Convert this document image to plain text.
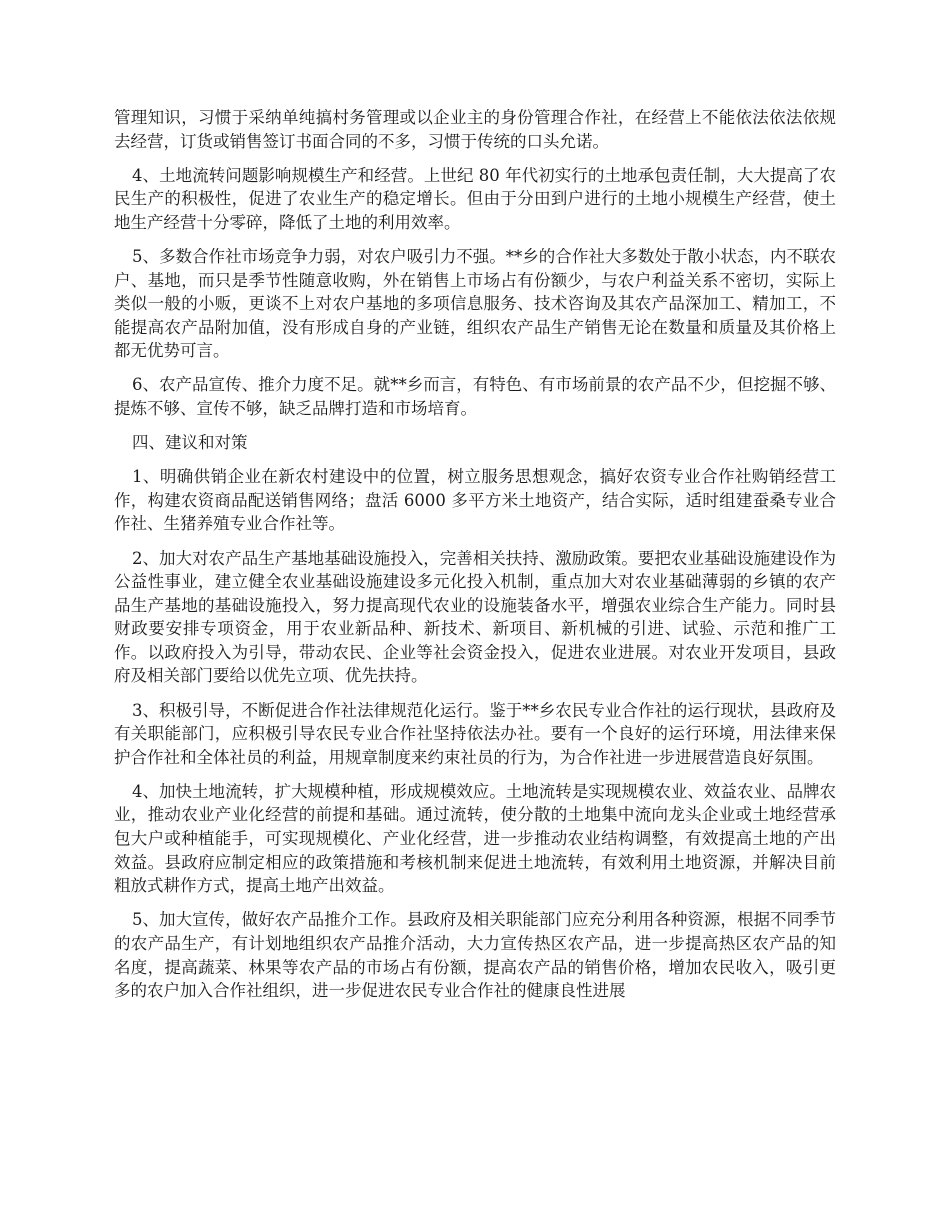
管理知识，习惯于采纳单纯搞村务管理或以企业主的身份管理合作社，在经营上不能依法依法依规去经营，订货或销售签订书面合同的不多，习惯于传统的口头允诺。

4、土地流转问题影响规模生产和经营。上世纪 80 年代初实行的土地承包责任制，大大提高了农民生产的积极性，促进了农业生产的稳定增长。但由于分田到户进行的土地小规模生产经营，使土地生产经营十分零碎，降低了土地的利用效率。

5、多数合作社市场竞争力弱，对农户吸引力不强。**乡的合作社大多数处于散小状态，内不联农户、基地，而只是季节性随意收购，外在销售上市场占有份额少，与农户利益关系不密切，实际上类似一般的小贩，更谈不上对农户基地的多项信息服务、技术咨询及其农产品深加工、精加工，不能提高农产品附加值，没有形成自身的产业链，组织农产品生产销售无论在数量和质量及其价格上都无优势可言。

6、农产品宣传、推介力度不足。就**乡而言，有特色、有市场前景的农产品不少，但挖掘不够、提炼不够、宣传不够，缺乏品牌打造和市场培育。

四、建议和对策

1、明确供销企业在新农村建设中的位置，树立服务思想观念，搞好农资专业合作社购销经营工作，构建农资商品配送销售网络；盘活 6000 多平方米土地资产，结合实际，适时组建蚕桑专业合作社、生猪养殖专业合作社等。

2、加大对农产品生产基地基础设施投入，完善相关扶持、激励政策。要把农业基础设施建设作为公益性事业，建立健全农业基础设施建设多元化投入机制，重点加大对农业基础薄弱的乡镇的农产品生产基地的基础设施投入，努力提高现代农业的设施装备水平，增强农业综合生产能力。同时县财政要安排专项资金，用于农业新品种、新技术、新项目、新机械的引进、试验、示范和推广工作。以政府投入为引导，带动农民、企业等社会资金投入，促进农业进展。对农业开发项目，县政府及相关部门要给以优先立项、优先扶持。

3、积极引导，不断促进合作社法律规范化运行。鉴于**乡农民专业合作社的运行现状，县政府及有关职能部门，应积极引导农民专业合作社坚持依法办社。要有一个良好的运行环境，用法律来保护合作社和全体社员的利益，用规章制度来约束社员的行为，为合作社进一步进展营造良好氛围。

4、加快土地流转，扩大规模种植，形成规模效应。土地流转是实现规模农业、效益农业、品牌农业，推动农业产业化经营的前提和基础。通过流转，使分散的土地集中流向龙头企业或土地经营承包大户或种植能手，可实现规模化、产业化经营，进一步推动农业结构调整，有效提高土地的产出效益。县政府应制定相应的政策措施和考核机制来促进土地流转，有效利用土地资源，并解决目前粗放式耕作方式，提高土地产出效益。

5、加大宣传，做好农产品推介工作。县政府及相关职能部门应充分利用各种资源，根据不同季节的农产品生产，有计划地组织农产品推介活动，大力宣传热区农产品，进一步提高热区农产品的知名度，提高蔬菜、林果等农产品的市场占有份额，提高农产品的销售价格，增加农民收入，吸引更多的农户加入合作社组织，进一步促进农民专业合作社的健康良性进展
